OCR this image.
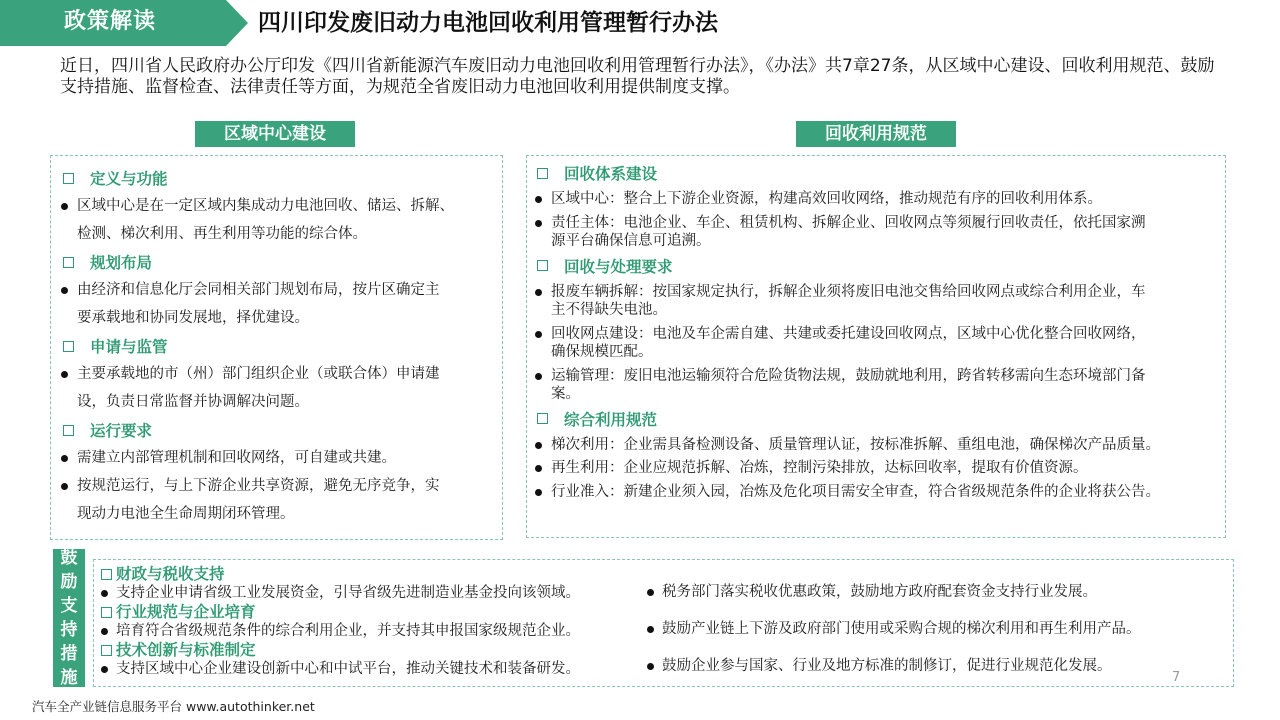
政策解读	四川印发废旧动力电池回收利用管理暂行办法
近日，四川省人民政府办公厅印发《四川省新能源汽车废旧动力电池回收利用管理暂行办法》，《办法》共7章27条，从区域中心建设、回收利用规范、鼓励支持措施、监督检查、法律责任等方面，为规范全省废旧动力电池回收利用提供制度支撑。
区域中心建设	回收利用规范
定义与功能
区域中心是在一定区域内集成动力电池回收、储运、拆解、
检测、梯次利用、再生利用等功能的综合体。
规划布局
由经济和信息化厅会同相关部门规划布局，按片区确定主
要承载地和协同发展地，择优建设。
申请与监管
主要承载地的市（州）部门组织企业（或联合体）申请建
设，负责日常监督并协调解决问题。
运行要求
需建立内部管理机制和回收网络，可自建或共建。
按规范运行，与上下游企业共享资源，避免无序竞争，实
现动力电池全生命周期闭环管理。
回收体系建设
区域中心：整合上下游企业资源，构建高效回收网络，推动规范有序的回收利用体系。
责任主体：电池企业、车企、租赁机构、拆解企业、回收网点等须履行回收责任，依托国家溯
源平台确保信息可追溯。
回收与处理要求
报废车辆拆解：按国家规定执行，拆解企业须将废旧电池交售给回收网点或综合利用企业，车
主不得缺失电池。
回收网点建设：电池及车企需自建、共建或委托建设回收网点，区域中心优化整合回收网络，
确保规模匹配。
运输管理：废旧电池运输须符合危险货物法规，鼓励就地利用，跨省转移需向生态环境部门备
案。
综合利用规范
梯次利用：企业需具备检测设备、质量管理认证，按标准拆解、重组电池，确保梯次产品质量。
再生利用：企业应规范拆解、冶炼，控制污染排放，达标回收率，提取有价值资源。
行业准入：新建企业须入园，冶炼及危化项目需安全审查，符合省级规范条件的企业将获公告。
鼓
励
支
持
措
施
财政与税收支持
支持企业申请省级工业发展资金，引导省级先进制造业基金投向该领域。
行业规范与企业培育
培育符合省级规范条件的综合利用企业，并支持其申报国家级规范企业。
技术创新与标准制定
支持区域中心企业建设创新中心和中试平台，推动关键技术和装备研发。
税务部门落实税收优惠政策，鼓励地方政府配套资金支持行业发展。
鼓励产业链上下游及政府部门使用或采购合规的梯次利用和再生利用产品。
鼓励企业参与国家、行业及地方标准的制修订，促进行业规范化发展。
7
汽车全产业链信息服务平台 www.autothinker.net
